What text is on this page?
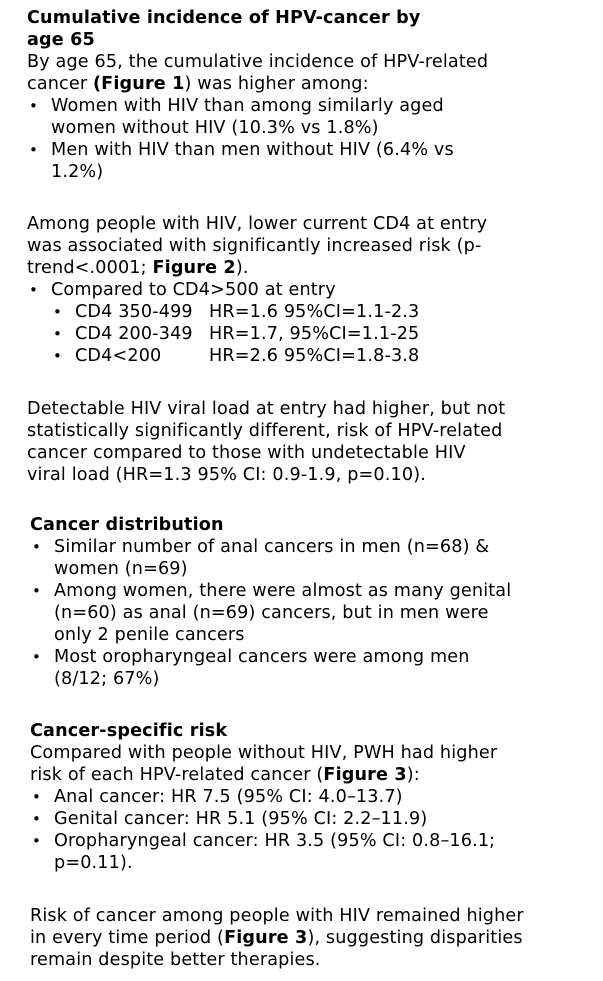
Cumulative incidence of HPV-cancer by
age 65
By age 65, the cumulative incidence of HPV-related
cancer (Figure 1) was higher among:
• Women with HIV than among similarly aged
women without HIV (10.3% vs 1.8%)
• Men with HIV than men without HIV (6.4% vs
1.2%)
Among people with HIV, lower current CD4 at entry
was associated with significantly increased risk (p-
trend<.0001; Figure 2).
• Compared to CD4>500 at entry
• CD4 350-499 HR=1.6 95%CI=1.1-2.3
• CD4 200-349 HR=1.7, 95%CI=1.1-25
• CD4<200	HR=2.6 95%CI=1.8-3.8
Detectable HIV viral load at entry had higher, but not
statistically significantly different, risk of HPV-related
cancer compared to those with undetectable HIV
viral load (HR=1.3 95% CI: 0.9-1.9, p=0.10).
Cancer distribution
• Similar number of anal cancers in men (n=68) &
women (n=69)
• Among women, there were almost as many genital
(n=60) as anal (n=69) cancers, but in men were
only 2 penile cancers
• Most oropharyngeal cancers were among men
(8/12; 67%)
Cancer-specific risk
Compared with people without HIV, PWH had higher
risk of each HPV-related cancer (Figure 3):
• Anal cancer: HR 7.5 (95% CI: 4.0–13.7)
• Genital cancer: HR 5.1 (95% CI: 2.2–11.9)
• Oropharyngeal cancer: HR 3.5 (95% CI: 0.8–16.1;
p=0.11).
Risk of cancer among people with HIV remained higher
in every time period (Figure 3), suggesting disparities
remain despite better therapies.
